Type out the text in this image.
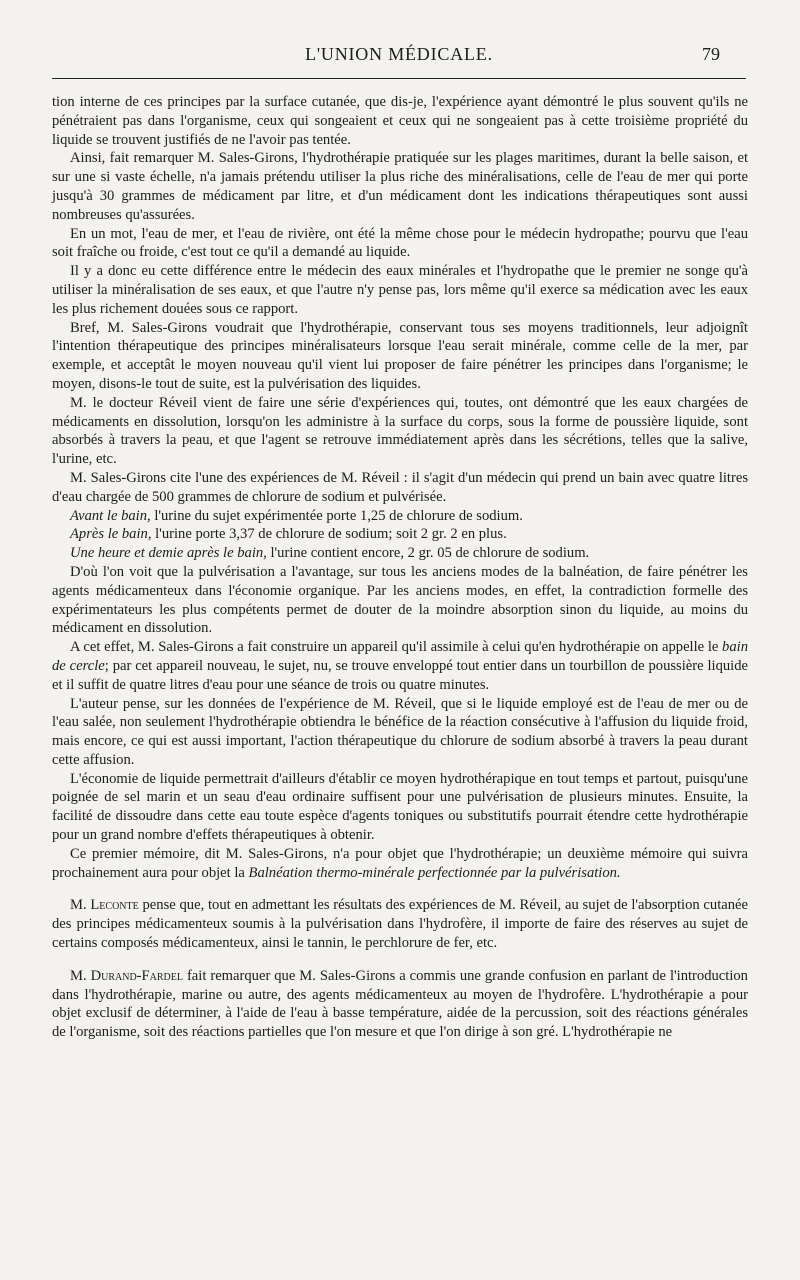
L'UNION MÉDICALE.	79

tion interne de ces principes par la surface cutanée, que dis-je, l'expérience ayant démontré le plus souvent qu'ils ne pénétraient pas dans l'organisme, ceux qui songeaient et ceux qui ne songeaient pas à cette troisième propriété du liquide se trouvent justifiés de ne l'avoir pas tentée.

Ainsi, fait remarquer M. Sales-Girons, l'hydrothérapie pratiquée sur les plages maritimes, durant la belle saison, et sur une si vaste échelle, n'a jamais prétendu utiliser la plus riche des minéralisations, celle de l'eau de mer qui porte jusqu'à 30 grammes de médicament par litre, et d'un médicament dont les indications thérapeutiques sont aussi nombreuses qu'assurées.

En un mot, l'eau de mer, et l'eau de rivière, ont été la même chose pour le médecin hydropathe; pourvu que l'eau soit fraîche ou froide, c'est tout ce qu'il a demandé au liquide.

Il y a donc eu cette différence entre le médecin des eaux minérales et l'hydropathe que le premier ne songe qu'à utiliser la minéralisation de ses eaux, et que l'autre n'y pense pas, lors même qu'il exerce sa médication avec les eaux les plus richement douées sous ce rapport.

Bref, M. Sales-Girons voudrait que l'hydrothérapie, conservant tous ses moyens traditionnels, leur adjoignît l'intention thérapeutique des principes minéralisateurs lorsque l'eau serait minérale, comme celle de la mer, par exemple, et acceptât le moyen nouveau qu'il vient lui proposer de faire pénétrer les principes dans l'organisme; le moyen, disons-le tout de suite, est la pulvérisation des liquides.

M. le docteur Réveil vient de faire une série d'expériences qui, toutes, ont démontré que les eaux chargées de médicaments en dissolution, lorsqu'on les administre à la surface du corps, sous la forme de poussière liquide, sont absorbés à travers la peau, et que l'agent se retrouve immédiatement après dans les sécrétions, telles que la salive, l'urine, etc.

M. Sales-Girons cite l'une des expériences de M. Réveil : il s'agit d'un médecin qui prend un bain avec quatre litres d'eau chargée de 500 grammes de chlorure de sodium et pulvérisée.

Avant le bain, l'urine du sujet expérimentée porte 1,25 de chlorure de sodium.

Après le bain, l'urine porte 3,37 de chlorure de sodium; soit 2 gr. 2 en plus.

Une heure et demie après le bain, l'urine contient encore, 2 gr. 05 de chlorure de sodium.

D'où l'on voit que la pulvérisation a l'avantage, sur tous les anciens modes de la balnéation, de faire pénétrer les agents médicamenteux dans l'économie organique. Par les anciens modes, en effet, la contradiction formelle des expérimentateurs les plus compétents permet de douter de la moindre absorption sinon du liquide, au moins du médicament en dissolution.

A cet effet, M. Sales-Girons a fait construire un appareil qu'il assimile à celui qu'en hydrothérapie on appelle le bain de cercle; par cet appareil nouveau, le sujet, nu, se trouve enveloppé tout entier dans un tourbillon de poussière liquide et il suffit de quatre litres d'eau pour une séance de trois ou quatre minutes.

L'auteur pense, sur les données de l'expérience de M. Réveil, que si le liquide employé est de l'eau de mer ou de l'eau salée, non seulement l'hydrothérapie obtiendra le bénéfice de la réaction consécutive à l'affusion du liquide froid, mais encore, ce qui est aussi important, l'action thérapeutique du chlorure de sodium absorbé à travers la peau durant cette affusion.

L'économie de liquide permettrait d'ailleurs d'établir ce moyen hydrothérapique en tout temps et partout, puisqu'une poignée de sel marin et un seau d'eau ordinaire suffisent pour une pulvérisation de plusieurs minutes. Ensuite, la facilité de dissoudre dans cette eau toute espèce d'agents toniques ou substitutifs pourrait étendre cette hydrothérapie pour un grand nombre d'effets thérapeutiques à obtenir.

Ce premier mémoire, dit M. Sales-Girons, n'a pour objet que l'hydrothérapie; un deuxième mémoire qui suivra prochainement aura pour objet la Balnéation thermo-minérale perfectionnée par la pulvérisation.

M. Leconte pense que, tout en admettant les résultats des expériences de M. Réveil, au sujet de l'absorption cutanée des principes médicamenteux soumis à la pulvérisation dans l'hydrofère, il importe de faire des réserves au sujet de certains composés médicamenteux, ainsi le tannin, le perchlorure de fer, etc.

M. Durand-Fardel fait remarquer que M. Sales-Girons a commis une grande confusion en parlant de l'introduction dans l'hydrothérapie, marine ou autre, des agents médicamenteux au moyen de l'hydrofère. L'hydrothérapie a pour objet exclusif de déterminer, à l'aide de l'eau à basse température, aidée de la percussion, soit des réactions générales de l'organisme, soit des réactions partielles que l'on mesure et que l'on dirige à son gré. L'hydrothérapie ne
